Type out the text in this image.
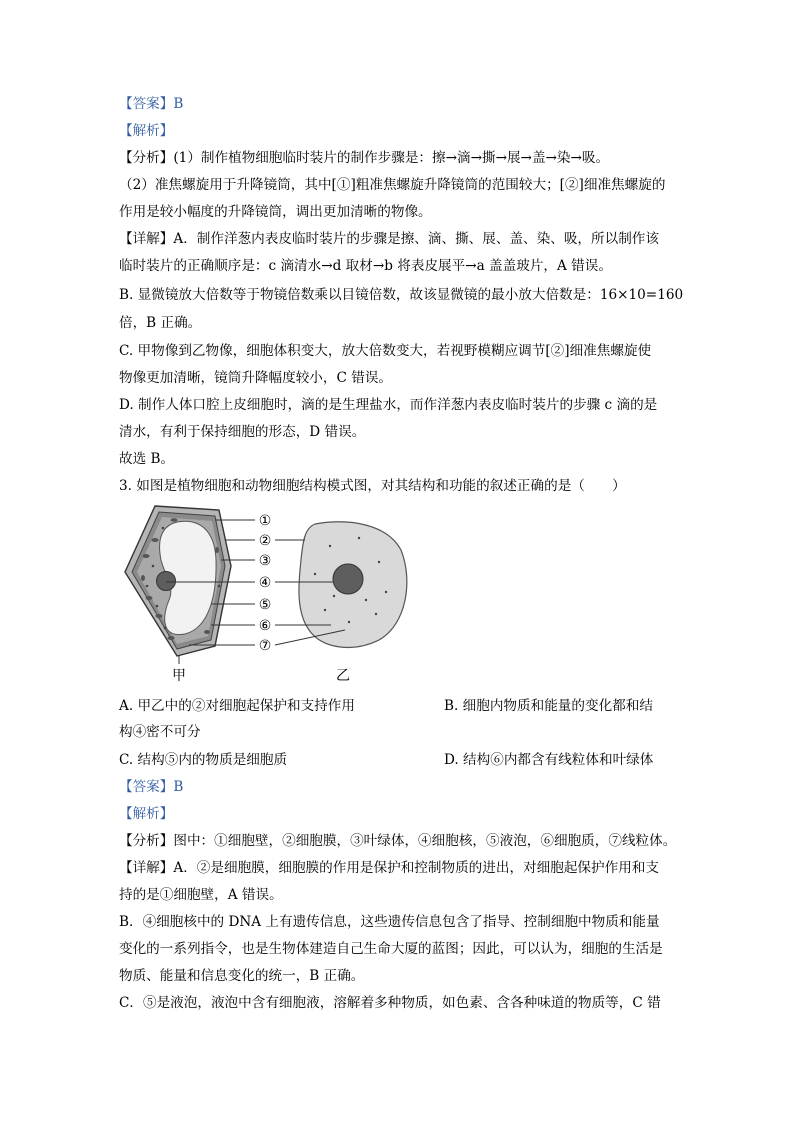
【答案】B
【解析】
【分析】(1）制作植物细胞临时装片的制作步骤是：擦→滴→撕→展→盖→染→吸。
（2）准焦螺旋用于升降镜筒，其中[①]粗准焦螺旋升降镜筒的范围较大；[②]细准焦螺旋的
作用是较小幅度的升降镜筒，调出更加清晰的物像。
【详解】A．制作洋葱内表皮临时装片的步骤是擦、滴、撕、展、盖、染、吸，所以制作该
临时装片的正确顺序是：c 滴清水→d 取材→b 将表皮展平→a 盖盖玻片，A 错误。
B. 显微镜放大倍数等于物镜倍数乘以目镜倍数，故该显微镜的最小放大倍数是：16×10=160
倍，B 正确。
C. 甲物像到乙物像，细胞体积变大，放大倍数变大，若视野模糊应调节[②]细准焦螺旋使
物像更加清晰，镜筒升降幅度较小，C 错误。
D. 制作人体口腔上皮细胞时，滴的是生理盐水，而作洋葱内表皮临时装片的步骤 c 滴的是
清水，有利于保持细胞的形态，D 错误。
故选 B。
3. 如图是植物细胞和动物细胞结构模式图，对其结构和功能的叙述正确的是（　　）
①
②
③
④
⑤
⑥
⑦
甲	乙
A. 甲乙中的②对细胞起保护和支持作用	B. 细胞内物质和能量的变化都和结
构④密不可分
C. 结构⑤内的物质是细胞质	D. 结构⑥内都含有线粒体和叶绿体
【答案】B
【解析】
【分析】图中：①细胞壁，②细胞膜，③叶绿体，④细胞核，⑤液泡，⑥细胞质，⑦线粒体。
【详解】A．②是细胞膜，细胞膜的作用是保护和控制物质的进出，对细胞起保护作用和支
持的是①细胞壁，A 错误。
B．④细胞核中的 DNA 上有遗传信息，这些遗传信息包含了指导、控制细胞中物质和能量
变化的一系列指令，也是生物体建造自己生命大厦的蓝图；因此，可以认为，细胞的生活是
物质、能量和信息变化的统一，B 正确。
C．⑤是液泡，液泡中含有细胞液，溶解着多种物质，如色素、含各种味道的物质等，C 错
